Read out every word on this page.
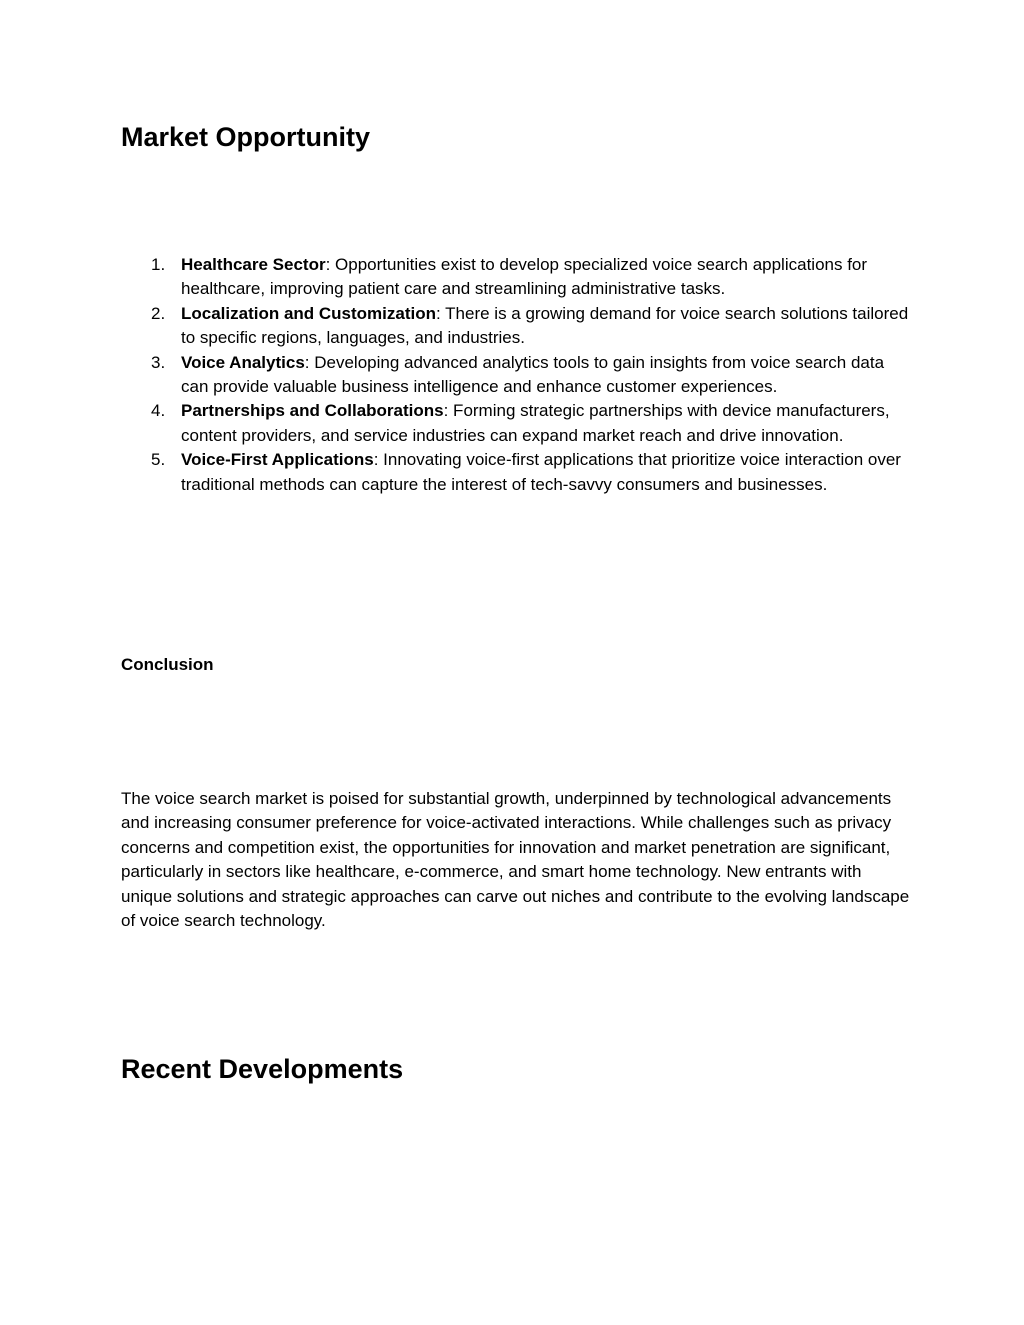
Market Opportunity
1. Healthcare Sector: Opportunities exist to develop specialized voice search applications for healthcare, improving patient care and streamlining administrative tasks.
2. Localization and Customization: There is a growing demand for voice search solutions tailored to specific regions, languages, and industries.
3. Voice Analytics: Developing advanced analytics tools to gain insights from voice search data can provide valuable business intelligence and enhance customer experiences.
4. Partnerships and Collaborations: Forming strategic partnerships with device manufacturers, content providers, and service industries can expand market reach and drive innovation.
5. Voice-First Applications: Innovating voice-first applications that prioritize voice interaction over traditional methods can capture the interest of tech-savvy consumers and businesses.
Conclusion

The voice search market is poised for substantial growth, underpinned by technological advancements and increasing consumer preference for voice-activated interactions. While challenges such as privacy concerns and competition exist, the opportunities for innovation and market penetration are significant, particularly in sectors like healthcare, e-commerce, and smart home technology. New entrants with unique solutions and strategic approaches can carve out niches and contribute to the evolving landscape of voice search technology.

Recent Developments
